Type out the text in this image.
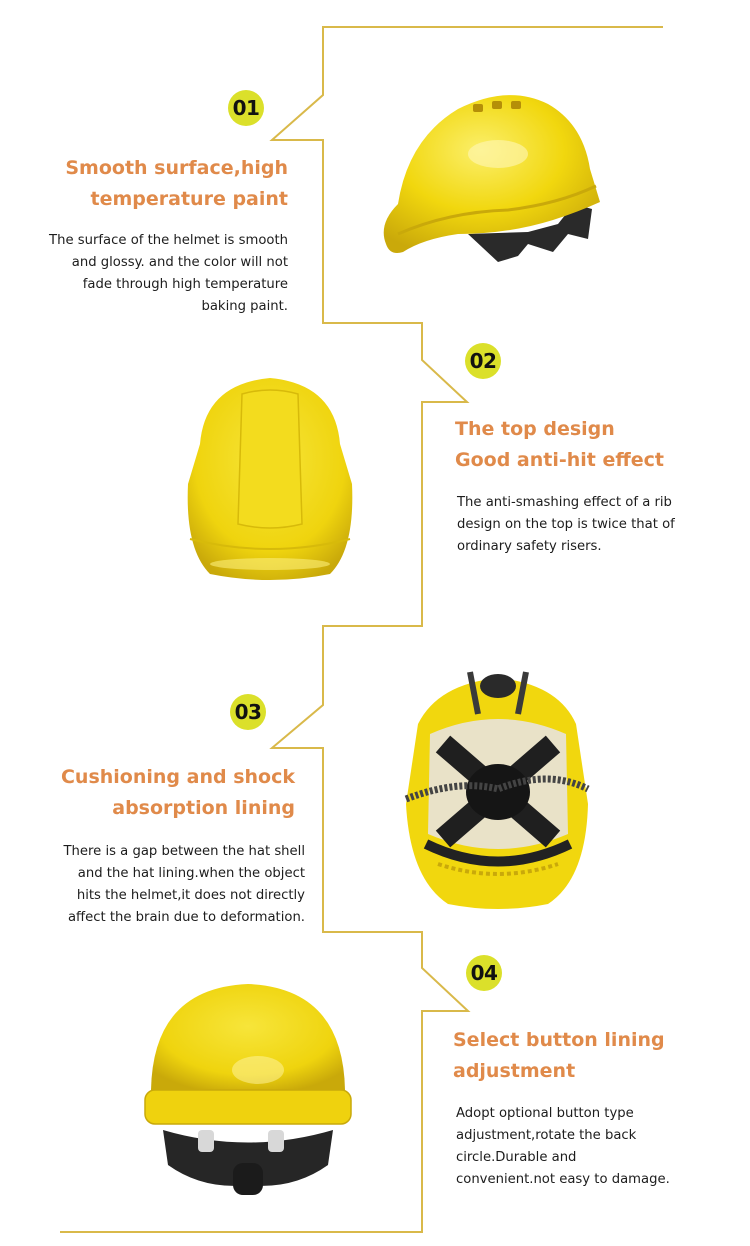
01
Smooth surface,high
temperature paint
The surface of the helmet is smooth
and glossy. and the color will not
fade through high temperature
baking paint.
02
The top design
Good anti-hit effect
The anti-smashing effect of a rib
design on the top is twice that of
ordinary safety risers.
03
Cushioning and shock
absorption lining
There is a gap between the hat shell
and the hat lining.when the object
hits the helmet,it does not directly
affect the brain due to deformation.
04
Select button lining
adjustment
Adopt optional button type
adjustment,rotate the back
circle.Durable and
convenient.not easy to damage.
